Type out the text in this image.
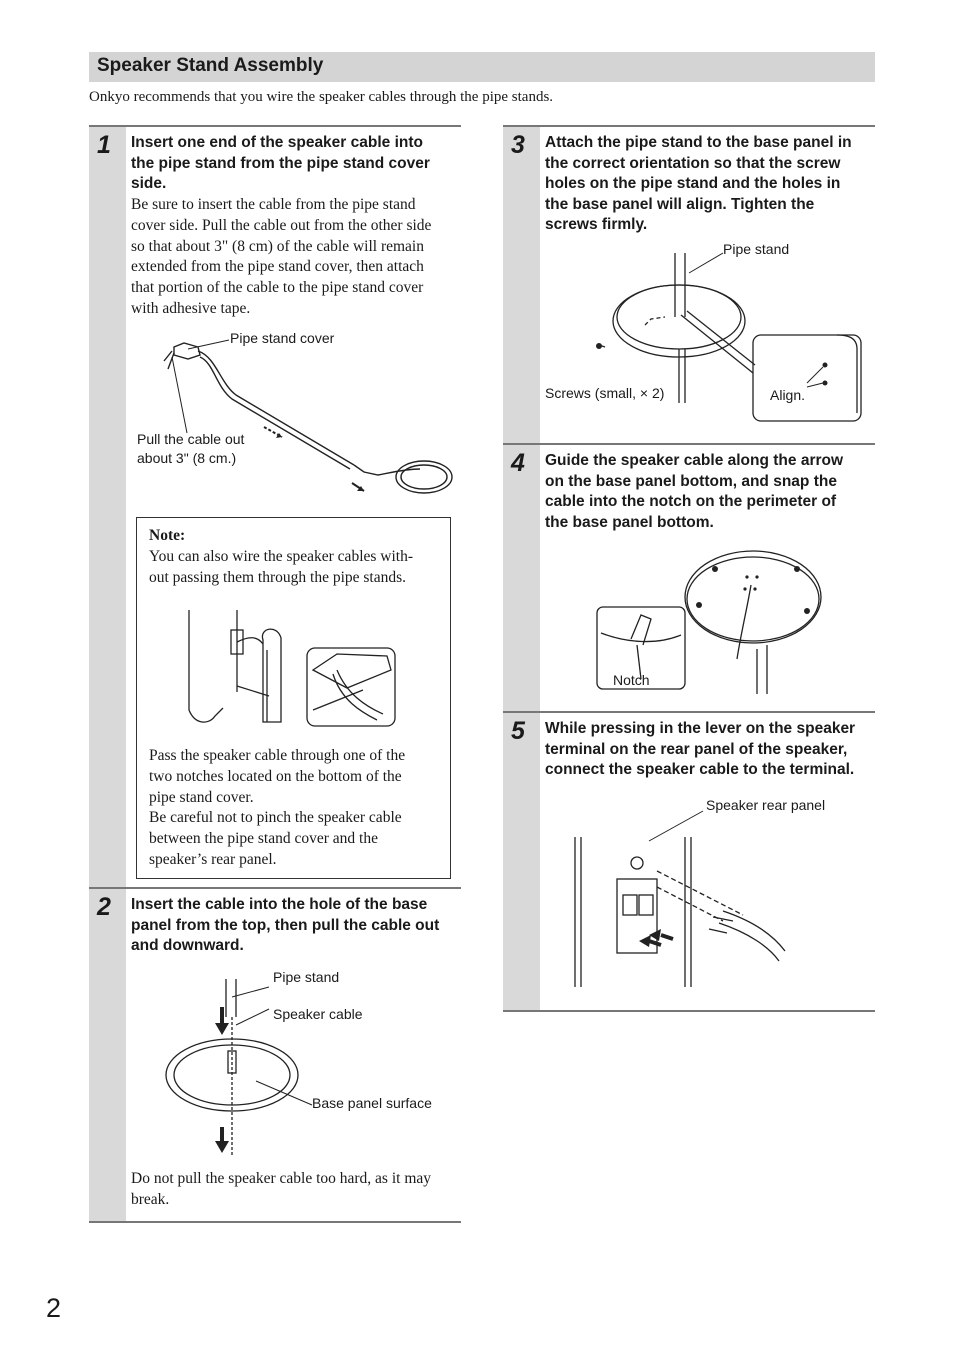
Speaker Stand Assembly
Onkyo recommends that you wire the speaker cables through the pipe stands.
1	Insert one end of the speaker cable into
the pipe stand from the pipe stand cover
side.
Be sure to insert the cable from the pipe stand
cover side. Pull the cable out from the other side
so that about 3" (8 cm) of the cable will remain
extended from the pipe stand cover, then attach
that portion of the cable to the pipe stand cover
with adhesive tape.
Pipe stand cover
Pull the cable out
about 3" (8 cm.)
Note:
You can also wire the speaker cables with-
out passing them through the pipe stands.
Pass the speaker cable through one of the
two notches located on the bottom of the
pipe stand cover.
Be careful not to pinch the speaker cable
between the pipe stand cover and the
speaker’s rear panel.
2	Insert the cable into the hole of the base
panel from the top, then pull the cable out
and downward.
Pipe stand
Speaker cable
Base panel surface
Do not pull the speaker cable too hard, as it may
break.
3	Attach the pipe stand to the base panel in
the correct orientation so that the screw
holes on the pipe stand and the holes in
the base panel will align. Tighten the
screws firmly.
Pipe stand
Screws (small, × 2)	Align.
4	Guide the speaker cable along the arrow
on the base panel bottom, and snap the
cable into the notch on the perimeter of
the base panel bottom.
Notch
5	While pressing in the lever on the speaker
terminal on the rear panel of the speaker,
connect the speaker cable to the terminal.
Speaker rear panel
2
